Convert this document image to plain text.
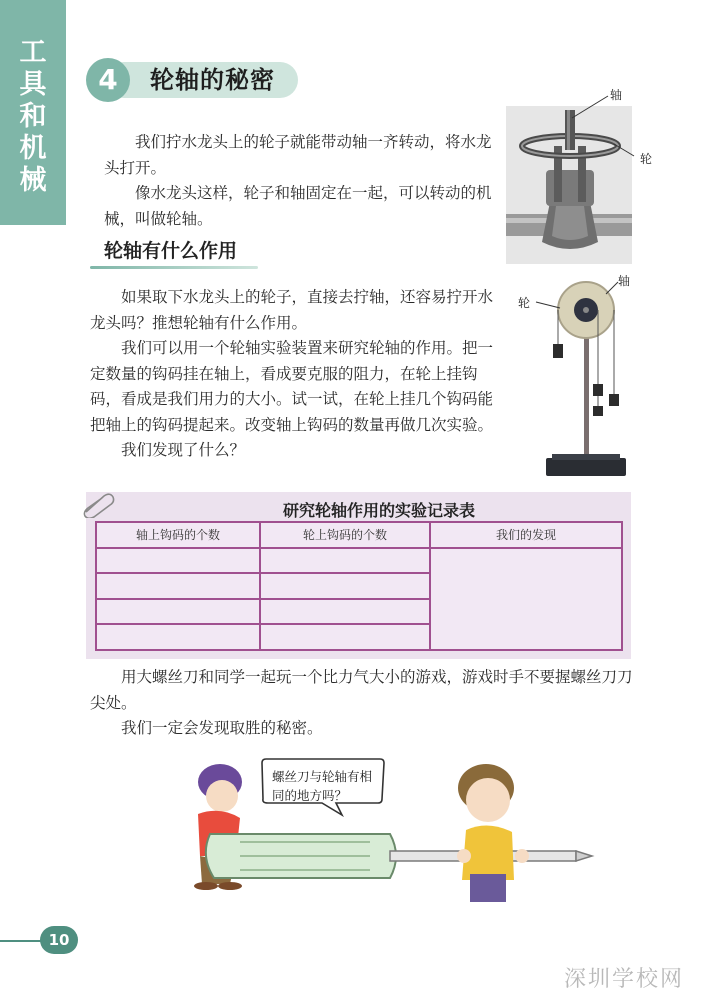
工
具
和
机
械
4	轮轴的秘密

我们拧水龙头上的轮子就能带动轴一齐转动，将水龙头打开。

像水龙头这样，轮子和轴固定在一起，可以转动的机械，叫做轮轴。

轴
轮
轮轴有什么作用

如果取下水龙头上的轮子，直接去拧轴，还容易拧开水龙头吗？推想轮轴有什么作用。

我们可以用一个轮轴实验装置来研究轮轴的作用。把一定数量的钩码挂在轴上，看成要克服的阻力，在轮上挂钩码，看成是我们用力的大小。试一试，在轮上挂几个钩码能把轴上的钩码提起来。改变轴上钩码的数量再做几次实验。

我们发现了什么？

轴
轮
研究轮轴作用的实验记录表
轴上钩码的个数	轮上钩码的个数	我们的发现

用大螺丝刀和同学一起玩一个比力气大小的游戏，游戏时手不要握螺丝刀刀尖处。

我们一定会发现取胜的秘密。

螺丝刀与轮轴有相同的地方吗？
10
深圳学校网
